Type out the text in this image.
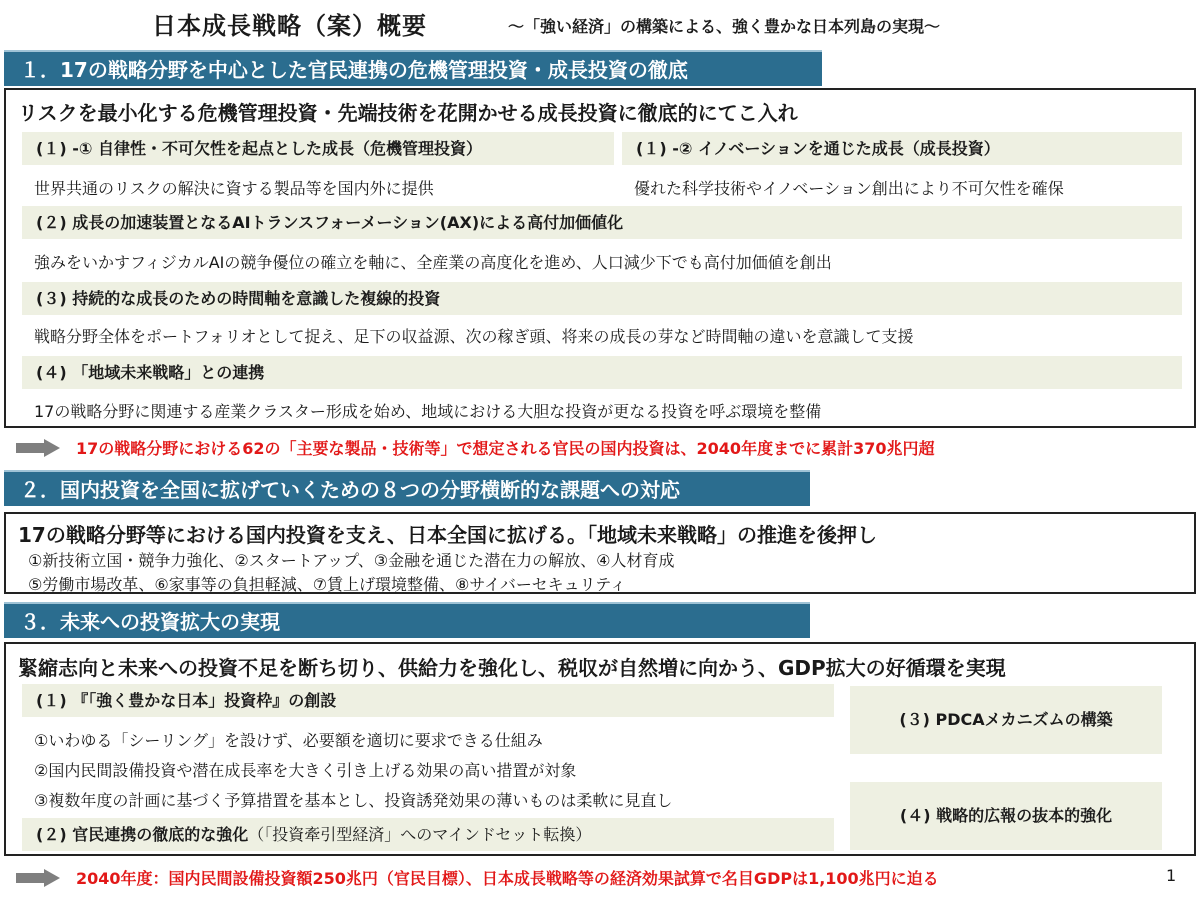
日本成長戦略（案）概要	～「強い経済」の構築による、強く豊かな日本列島の実現～
１．17の戦略分野を中心とした官民連携の危機管理投資・成長投資の徹底
リスクを最小化する危機管理投資・先端技術を花開かせる成長投資に徹底的にてこ入れ
(１) -① 自律性・不可欠性を起点とした成長（危機管理投資）	(１) -② イノベーションを通じた成長（成長投資）
世界共通のリスクの解決に資する製品等を国内外に提供	優れた科学技術やイノベーション創出により不可欠性を確保
(２) 成長の加速装置となるAIトランスフォーメーション(AX)による高付加価値化
強みをいかすフィジカルAIの競争優位の確立を軸に、全産業の高度化を進め、人口減少下でも高付加価値を創出
(３) 持続的な成長のための時間軸を意識した複線的投資
戦略分野全体をポートフォリオとして捉え、足下の収益源、次の稼ぎ頭、将来の成長の芽など時間軸の違いを意識して支援
(４) 「地域未来戦略」との連携
17の戦略分野に関連する産業クラスター形成を始め、地域における大胆な投資が更なる投資を呼ぶ環境を整備
17の戦略分野における62の「主要な製品・技術等」で想定される官民の国内投資は、2040年度までに累計370兆円超
２．国内投資を全国に拡げていくための８つの分野横断的な課題への対応
17の戦略分野等における国内投資を支え、日本全国に拡げる。「地域未来戦略」の推進を後押し
①新技術立国・競争力強化、②スタートアップ、③金融を通じた潜在力の解放、④人材育成
⑤労働市場改革、⑥家事等の負担軽減、⑦賃上げ環境整備、⑧サイバーセキュリティ
３．未来への投資拡大の実現
緊縮志向と未来への投資不足を断ち切り、供給力を強化し、税収が自然増に向かう、GDP拡大の好循環を実現
(１) 『「強く豊かな日本」投資枠』の創設
①いわゆる「シーリング」を設けず、必要額を適切に要求できる仕組み
②国内民間設備投資や潜在成長率を大きく引き上げる効果の高い措置が対象
③複数年度の計画に基づく予算措置を基本とし、投資誘発効果の薄いものは柔軟に見直し
(２) 官民連携の徹底的な強化（「投資牽引型経済」へのマインドセット転換）
(３) PDCAメカニズムの構築
(４) 戦略的広報の抜本的強化
2040年度：国内民間設備投資額250兆円（官民目標）、日本成長戦略等の経済効果試算で名目GDPは1,100兆円に迫る	1
